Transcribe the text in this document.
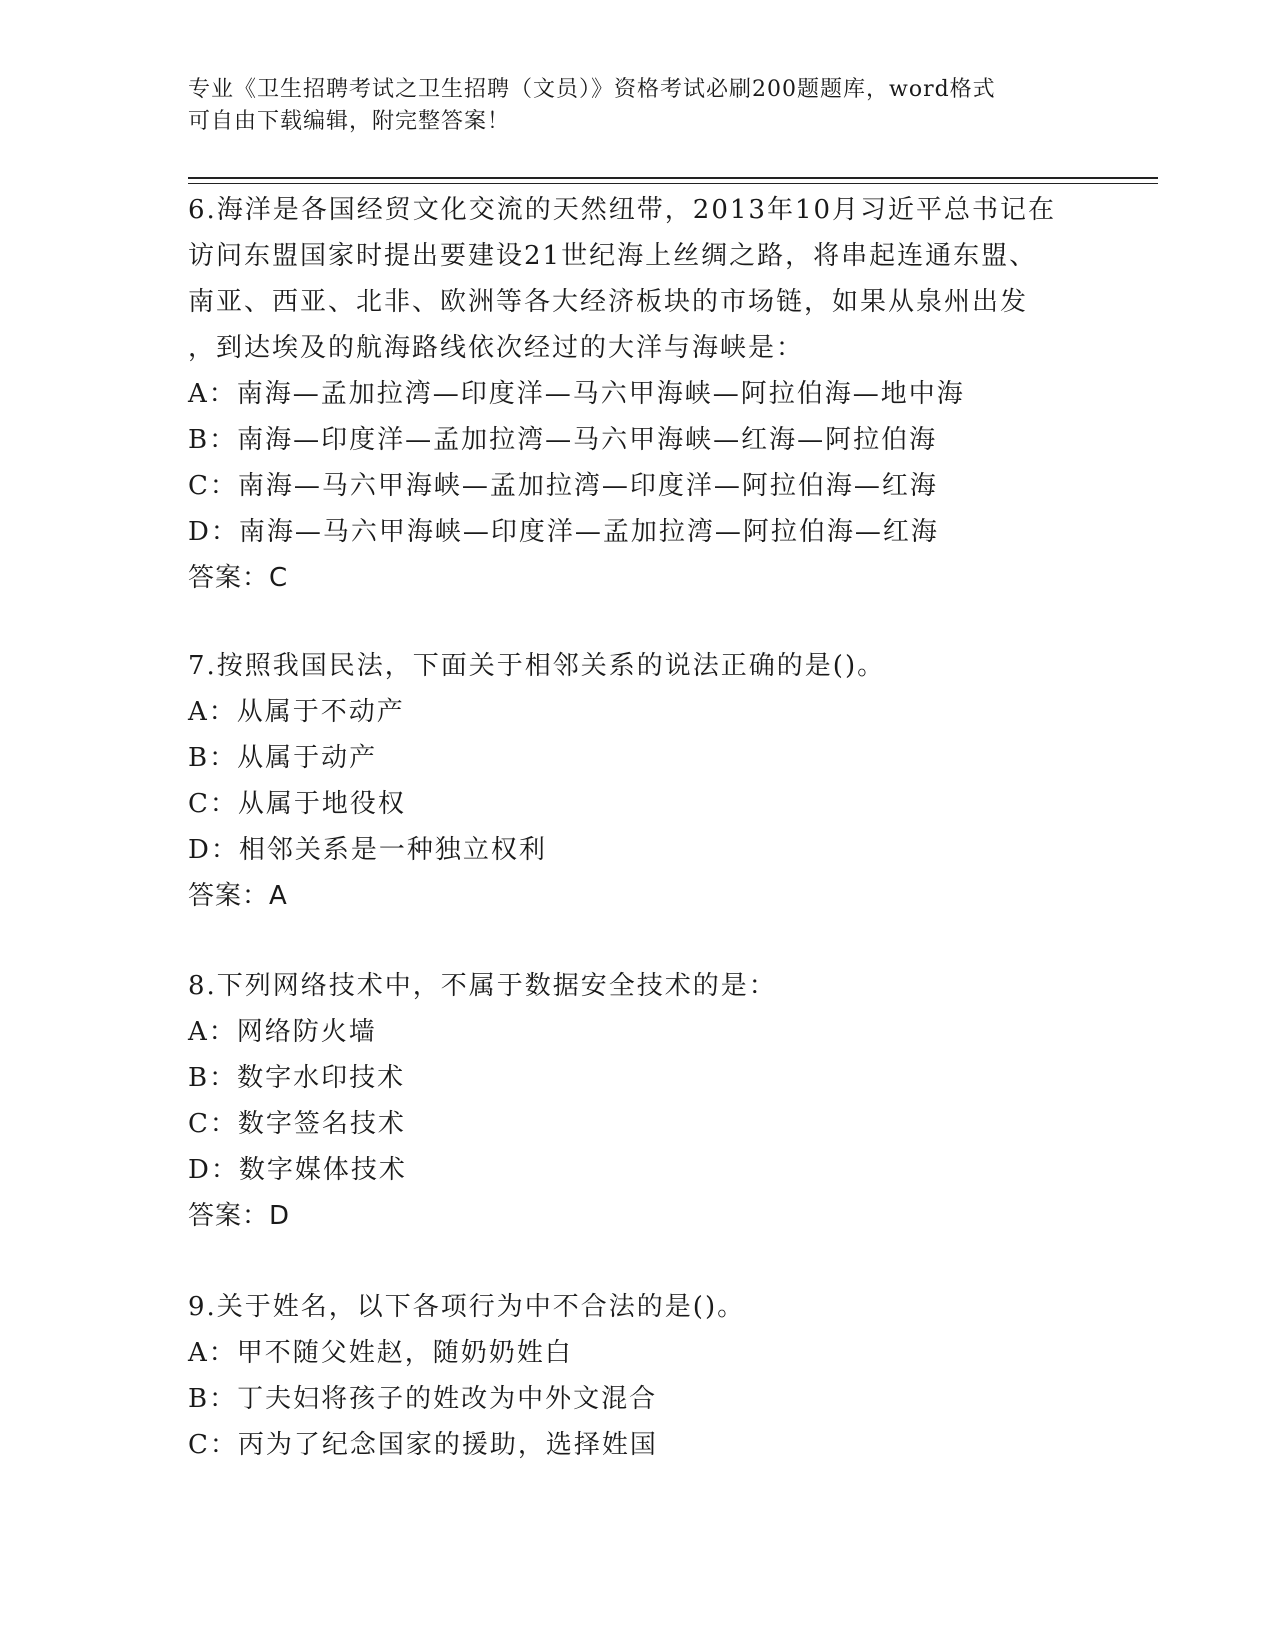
专业《卫生招聘考试之卫生招聘（文员）》资格考试必刷200题题库，word格式
可自由下载编辑，附完整答案！
6.海洋是各国经贸文化交流的天然纽带，2013年10月习近平总书记在
访问东盟国家时提出要建设21世纪海上丝绸之路，将串起连通东盟、
南亚、西亚、北非、欧洲等各大经济板块的市场链，如果从泉州出发
，到达埃及的航海路线依次经过的大洋与海峡是：
A：南海—孟加拉湾—印度洋—马六甲海峡—阿拉伯海—地中海
B：南海—印度洋—孟加拉湾—马六甲海峡—红海—阿拉伯海
C：南海—马六甲海峡—孟加拉湾—印度洋—阿拉伯海—红海
D：南海—马六甲海峡—印度洋—孟加拉湾—阿拉伯海—红海
答案：C
7.按照我国民法，下面关于相邻关系的说法正确的是()。
A：从属于不动产
B：从属于动产
C：从属于地役权
D：相邻关系是一种独立权利
答案：A
8.下列网络技术中，不属于数据安全技术的是：
A：网络防火墙
B：数字水印技术
C：数字签名技术
D：数字媒体技术
答案：D
9.关于姓名，以下各项行为中不合法的是()。
A：甲不随父姓赵，随奶奶姓白
B：丁夫妇将孩子的姓改为中外文混合
C：丙为了纪念国家的援助，选择姓国
